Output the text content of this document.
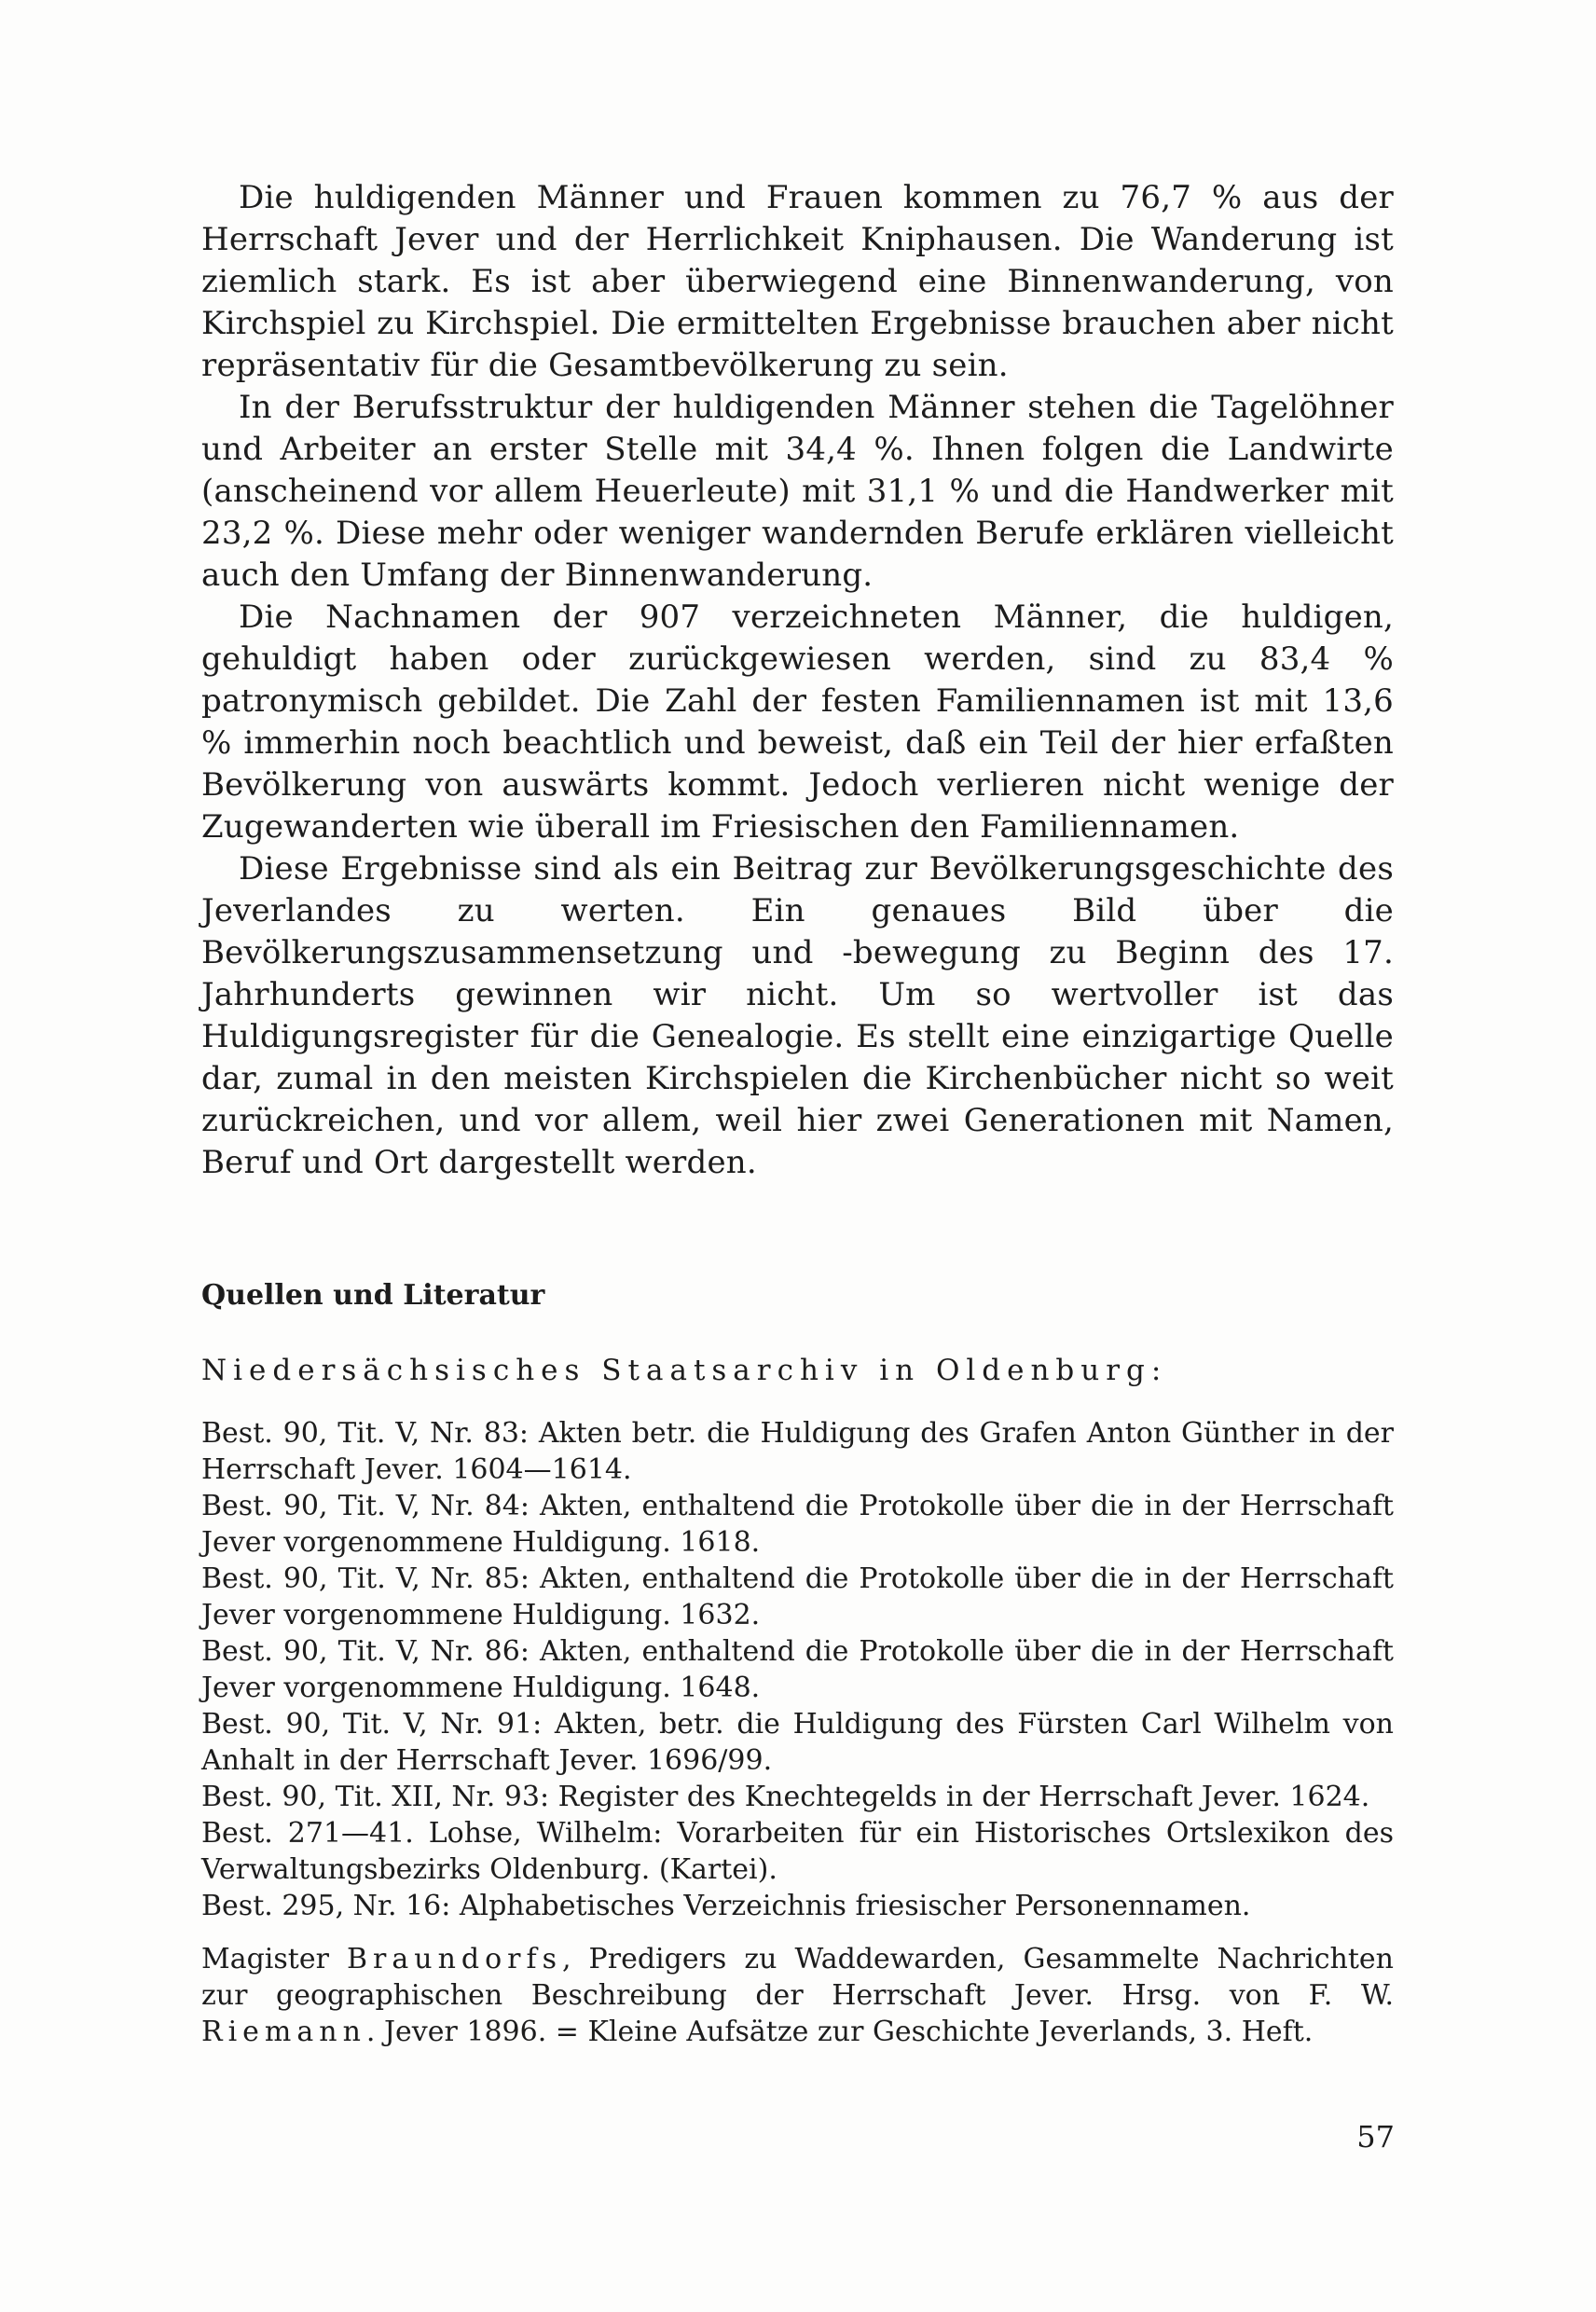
Die huldigenden Männer und Frauen kommen zu 76,7 % aus der Herrschaft Jever und der Herrlichkeit Kniphausen. Die Wanderung ist ziemlich stark. Es ist aber überwiegend eine Binnenwanderung, von Kirchspiel zu Kirchspiel. Die ermittelten Ergebnisse brauchen aber nicht repräsentativ für die Gesamtbevölkerung zu sein.

In der Berufsstruktur der huldigenden Männer stehen die Tagelöhner und Arbeiter an erster Stelle mit 34,4 %. Ihnen folgen die Landwirte (anscheinend vor allem Heuerleute) mit 31,1 % und die Handwerker mit 23,2 %. Diese mehr oder weniger wandernden Berufe erklären vielleicht auch den Umfang der Binnenwanderung.

Die Nachnamen der 907 verzeichneten Männer, die huldigen, gehuldigt haben oder zurückgewiesen werden, sind zu 83,4 % patronymisch gebildet. Die Zahl der festen Familiennamen ist mit 13,6 % immerhin noch beachtlich und beweist, daß ein Teil der hier erfaßten Bevölkerung von auswärts kommt. Jedoch verlieren nicht wenige der Zugewanderten wie überall im Friesischen den Familiennamen.

Diese Ergebnisse sind als ein Beitrag zur Bevölkerungsgeschichte des Jeverlandes zu werten. Ein genaues Bild über die Bevölkerungszusammensetzung und -bewegung zu Beginn des 17. Jahrhunderts gewinnen wir nicht. Um so wertvoller ist das Huldigungsregister für die Genealogie. Es stellt eine einzigartige Quelle dar, zumal in den meisten Kirchspielen die Kirchenbücher nicht so weit zurückreichen, und vor allem, weil hier zwei Generationen mit Namen, Beruf und Ort dargestellt werden.

Quellen und Literatur

Niedersächsisches Staatsarchiv in Oldenburg:

Best. 90, Tit. V, Nr. 83: Akten betr. die Huldigung des Grafen Anton Günther in der Herrschaft Jever. 1604—1614.
Best. 90, Tit. V, Nr. 84: Akten, enthaltend die Protokolle über die in der Herrschaft Jever vorgenommene Huldigung. 1618.
Best. 90, Tit. V, Nr. 85: Akten, enthaltend die Protokolle über die in der Herrschaft Jever vorgenommene Huldigung. 1632.
Best. 90, Tit. V, Nr. 86: Akten, enthaltend die Protokolle über die in der Herrschaft Jever vorgenommene Huldigung. 1648.
Best. 90, Tit. V, Nr. 91: Akten, betr. die Huldigung des Fürsten Carl Wilhelm von Anhalt in der Herrschaft Jever. 1696/99.
Best. 90, Tit. XII, Nr. 93: Register des Knechtegelds in der Herrschaft Jever. 1624.
Best. 271—41. Lohse, Wilhelm: Vorarbeiten für ein Historisches Ortslexikon des Verwaltungsbezirks Oldenburg. (Kartei).
Best. 295, Nr. 16: Alphabetisches Verzeichnis friesischer Personennamen.

Magister Braundorfs, Predigers zu Waddewarden, Gesammelte Nachrichten zur geographischen Beschreibung der Herrschaft Jever. Hrsg. von F. W. Riemann. Jever 1896. = Kleine Aufsätze zur Geschichte Jeverlands, 3. Heft.

57
